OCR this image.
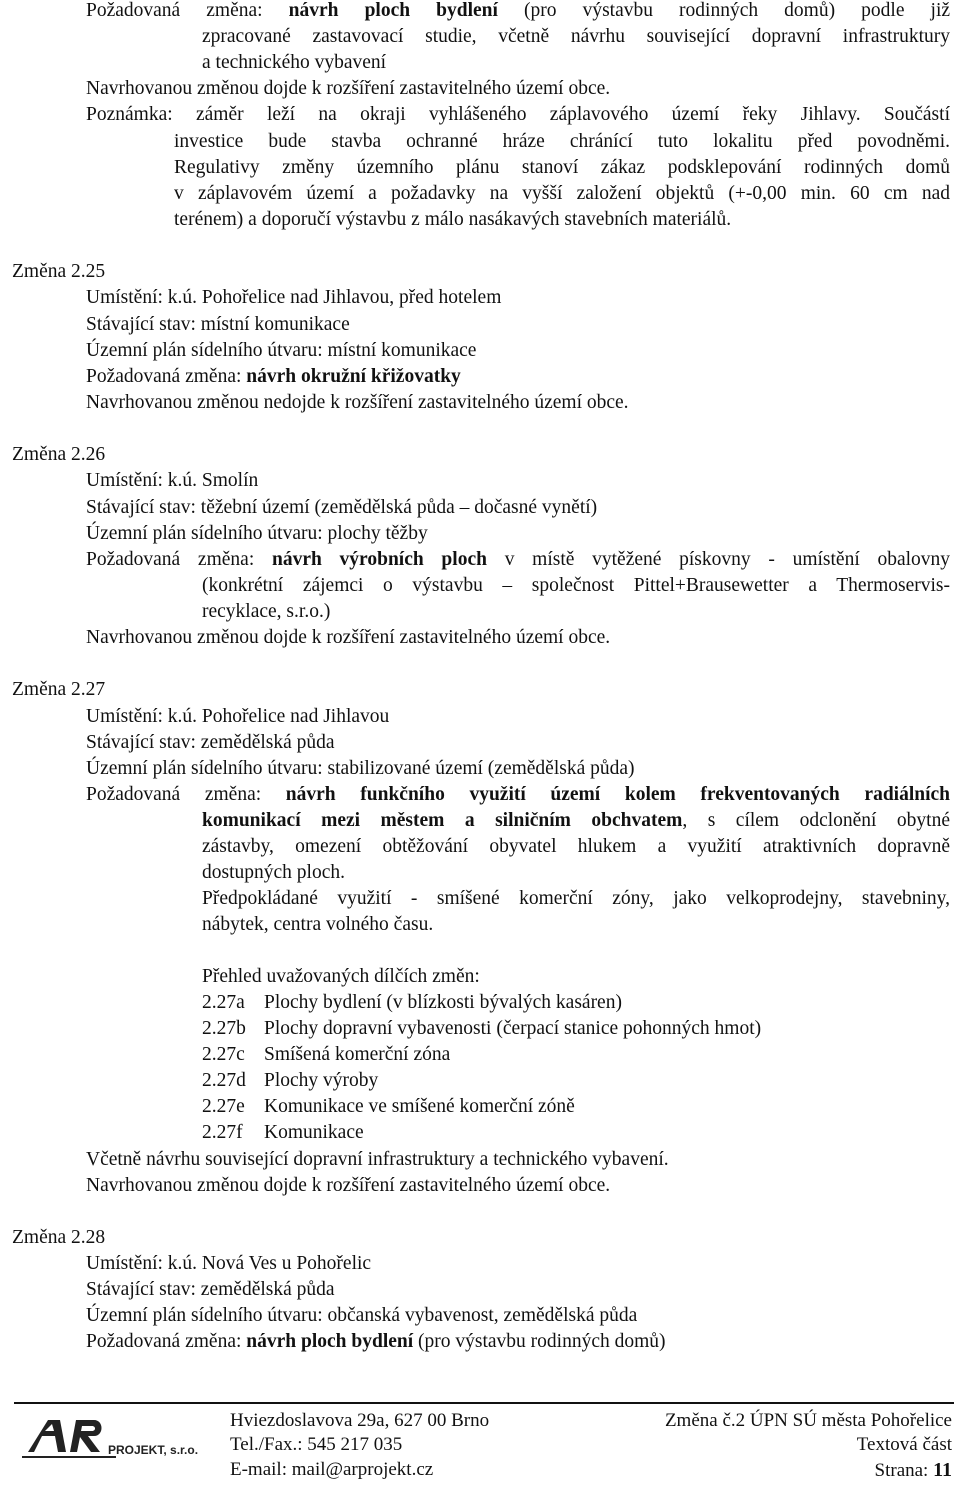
Požadovaná změna: návrh ploch bydlení (pro výstavbu rodinných domů) podle již
zpracované zastavovací studie, včetně návrhu související dopravní infrastruktury
a technického vybavení
Navrhovanou změnou dojde k rozšíření zastavitelného území obce.
Poznámka: záměr leží na okraji vyhlášeného záplavového území řeky Jihlavy. Součástí
investice bude stavba ochranné hráze chránící tuto lokalitu před povodněmi.
Regulativy změny územního plánu stanoví zákaz podsklepování rodinných domů
v záplavovém území a požadavky na vyšší založení objektů (+-0,00 min. 60 cm nad
terénem) a doporučí výstavbu z málo nasákavých stavebních materiálů.
Změna 2.25
Umístění: k.ú. Pohořelice nad Jihlavou, před hotelem
Stávající stav: místní komunikace
Územní plán sídelního útvaru: místní komunikace
Požadovaná změna: návrh okružní křižovatky
Navrhovanou změnou nedojde k rozšíření zastavitelného území obce.
Změna 2.26
Umístění: k.ú. Smolín
Stávající stav: těžební území (zemědělská půda – dočasné vynětí)
Územní plán sídelního útvaru: plochy těžby
Požadovaná změna: návrh výrobních ploch v místě vytěžené pískovny - umístění obalovny
(konkrétní zájemci o výstavbu – společnost Pittel+Brausewetter a Thermoservis-
recyklace, s.r.o.)
Navrhovanou změnou dojde k rozšíření zastavitelného území obce.
Změna 2.27
Umístění: k.ú. Pohořelice nad Jihlavou
Stávající stav: zemědělská půda
Územní plán sídelního útvaru: stabilizované území (zemědělská půda)
Požadovaná změna: návrh funkčního využití území kolem frekventovaných radiálních
komunikací mezi městem a silničním obchvatem, s cílem odclonění obytné
zástavby, omezení obtěžování obyvatel hlukem a využití atraktivních dopravně
dostupných ploch.
Předpokládané využití - smíšené komerční zóny, jako velkoprodejny, stavebniny,
nábytek, centra volného času.
Přehled uvažovaných dílčích změn:
2.27a Plochy bydlení (v blízkosti bývalých kasáren)
2.27b Plochy dopravní vybavenosti (čerpací stanice pohonných hmot)
2.27c Smíšená komerční zóna
2.27d Plochy výroby
2.27e Komunikace ve smíšené komerční zóně
2.27f Komunikace
Včetně návrhu související dopravní infrastruktury a technického vybavení.
Navrhovanou změnou dojde k rozšíření zastavitelného území obce.
Změna 2.28
Umístění: k.ú. Nová Ves u Pohořelic
Stávající stav: zemědělská půda
Územní plán sídelního útvaru: občanská vybavenost, zemědělská půda
Požadovaná změna: návrh ploch bydlení (pro výstavbu rodinných domů)
PROJEKT, s.r.o.
Hviezdoslavova 29a, 627 00 Brno
Tel./Fax.: 545 217 035
E-mail: mail@arprojekt.cz
Změna č.2 ÚPN SÚ města Pohořelice
Textová část
Strana: 11
